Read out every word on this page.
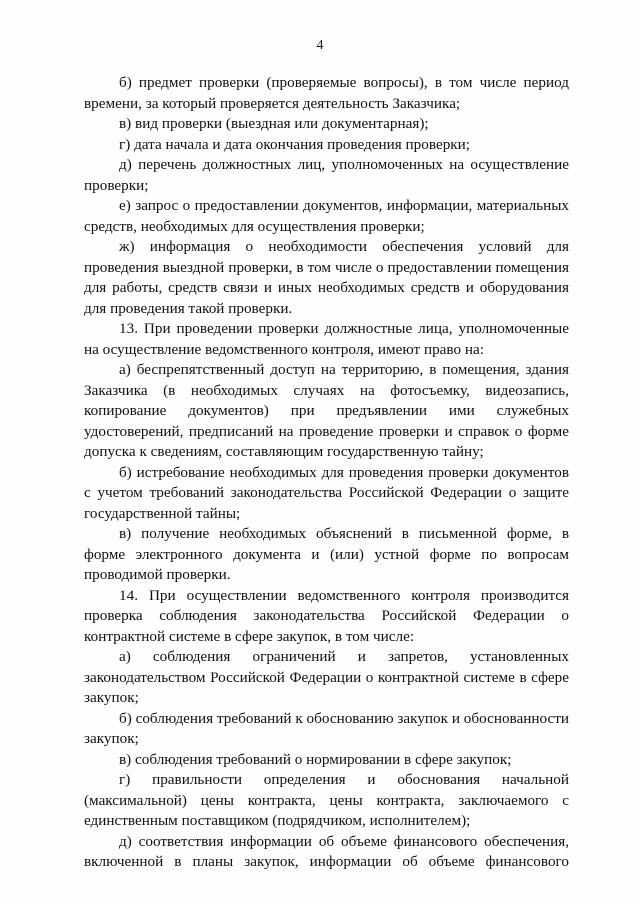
4

б) предмет проверки (проверяемые вопросы), в том числе период времени, за который проверяется деятельность Заказчика;

в) вид проверки (выездная или документарная);

г) дата начала и дата окончания проведения проверки;

д) перечень должностных лиц, уполномоченных на осуществление проверки;

е) запрос о предоставлении документов, информации, материальных средств, необходимых для осуществления проверки;

ж) информация о необходимости обеспечения условий для проведения выездной проверки, в том числе о предоставлении помещения для работы, средств связи и иных необходимых средств и оборудования для проведения такой проверки.

13. При проведении проверки должностные лица, уполномоченные на осуществление ведомственного контроля, имеют право на:

а) беспрепятственный доступ на территорию, в помещения, здания Заказчика (в необходимых случаях на фотосъемку, видеозапись, копирование документов) при предъявлении ими служебных удостоверений, предписаний на проведение проверки и справок о форме допуска к сведениям, составляющим государственную тайну;

б) истребование необходимых для проведения проверки документов с учетом требований законодательства Российской Федерации о защите государственной тайны;

в) получение необходимых объяснений в письменной форме, в форме электронного документа и (или) устной форме по вопросам проводимой проверки.

14. При осуществлении ведомственного контроля производится проверка соблюдения законодательства Российской Федерации о контрактной системе в сфере закупок, в том числе:

а) соблюдения ограничений и запретов, установленных законодательством Российской Федерации о контрактной системе в сфере закупок;

б) соблюдения требований к обоснованию закупок и обоснованности закупок;

в) соблюдения требований о нормировании в сфере закупок;

г) правильности определения и обоснования начальной (максимальной) цены контракта, цены контракта, заключаемого с единственным поставщиком (подрядчиком, исполнителем);

д) соответствия информации об объеме финансового обеспечения, включенной в планы закупок, информации об объеме финансового
